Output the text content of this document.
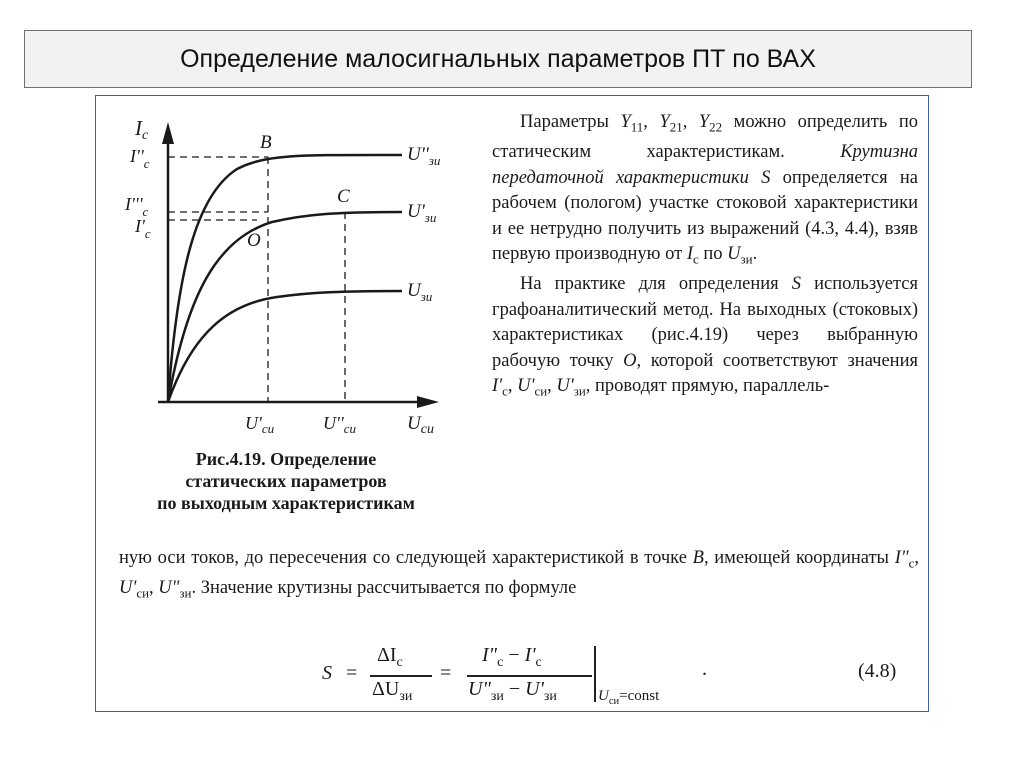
Определение малосигнальных параметров ПТ по ВАХ
Iс
$U_{си}$
B
C
O
$U''_{зи}$
$U'_{зи}$
$U_{зи}$
$I''_с$
$I'''_с$
$I'_с$
$U'_{си}$	$U''_{си}$
Рис.4.19. Определение
статических параметров
по выходным характеристикам

Параметры $Y_{11}$, $Y_{21}$, $Y_{22}$ можно определить по статическим характеристикам. Крутизна передаточной характеристики S определяется на рабочем (пологом) участке стоковой характеристики и ее нетрудно получить из выражений (4.3, 4.4), взяв первую производную от $I_с$ по $U_{зи}$.

На практике для определения S используется графоаналитический метод. На выходных (стоковых) характеристиках (рис.4.19) через выбранную рабочую точку O, которой соответствуют значения $I'_с$, $U'_{си}$, $U'_{зи}$, проводят прямую, параллель-

ную оси токов, до пересечения со следующей характеристикой в точке B, имеющей координаты $I"_c$, $U'_{си}$, $U"_{зи}$. Значение крутизны рассчитывается по формуле

S =
$\Delta I_с$
$\Delta U_{зи}$
=
$I"_c - I'_c$
$U"_{зи} - U'_{зи}$	$U_{си}=const$
.	(4.8)
